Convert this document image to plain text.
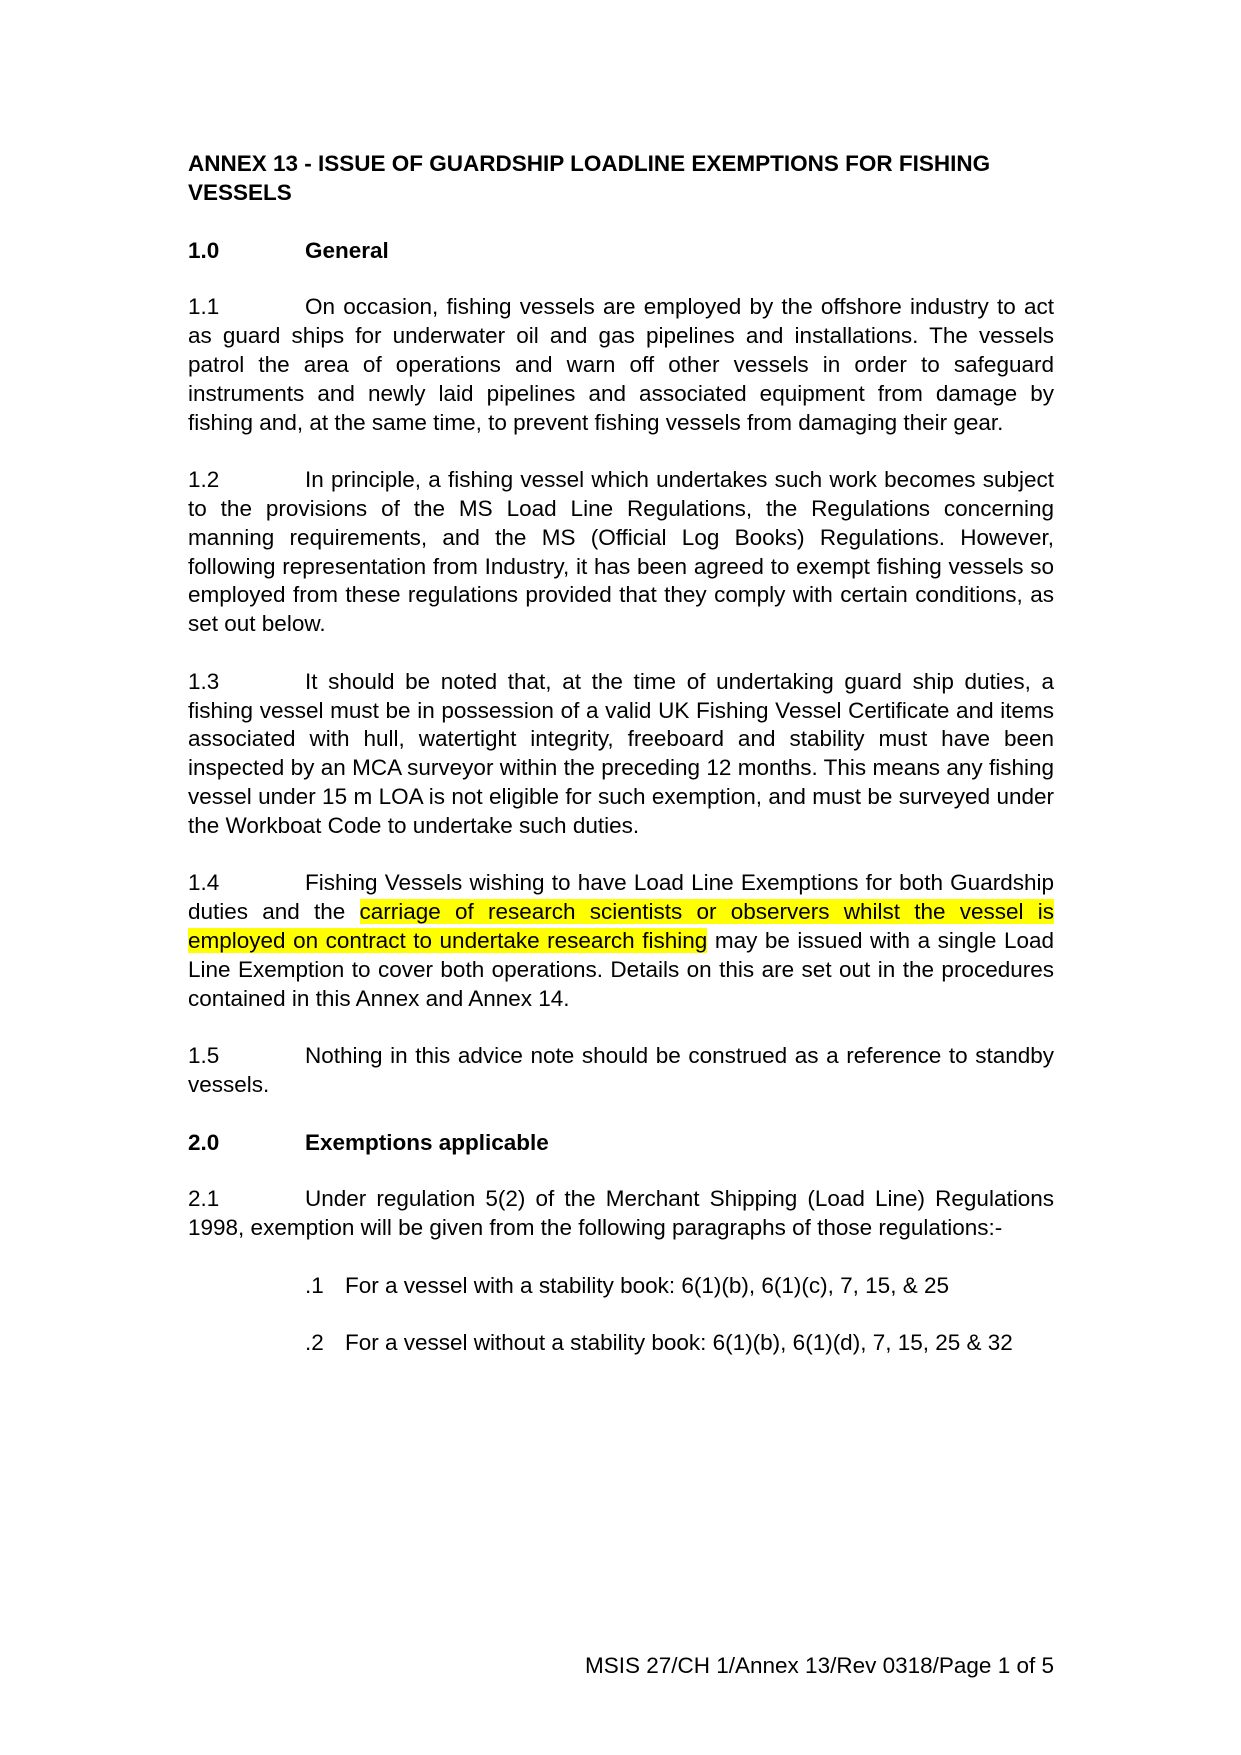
ANNEX 13 - ISSUE OF GUARDSHIP LOADLINE EXEMPTIONS FOR FISHING VESSELS
1.0	General
1.1	On occasion, fishing vessels are employed by the offshore industry to act as guard ships for underwater oil and gas pipelines and installations. The vessels patrol the area of operations and warn off other vessels in order to safeguard instruments and newly laid pipelines and associated equipment from damage by fishing and, at the same time, to prevent fishing vessels from damaging their gear.
1.2	In principle, a fishing vessel which undertakes such work becomes subject to the provisions of the MS Load Line Regulations, the Regulations concerning manning requirements, and the MS (Official Log Books) Regulations. However, following representation from Industry, it has been agreed to exempt fishing vessels so employed from these regulations provided that they comply with certain conditions, as set out below.
1.3	It should be noted that, at the time of undertaking guard ship duties, a fishing vessel must be in possession of a valid UK Fishing Vessel Certificate and items associated with hull, watertight integrity, freeboard and stability must have been inspected by an MCA surveyor within the preceding 12 months. This means any fishing vessel under 15 m LOA is not eligible for such exemption, and must be surveyed under the Workboat Code to undertake such duties.
1.4	Fishing Vessels wishing to have Load Line Exemptions for both Guardship duties and the carriage of research scientists or observers whilst the vessel is employed on contract to undertake research fishing may be issued with a single Load Line Exemption to cover both operations. Details on this are set out in the procedures contained in this Annex and Annex 14.
1.5	Nothing in this advice note should be construed as a reference to standby vessels.
2.0	Exemptions applicable
2.1	Under regulation 5(2) of the Merchant Shipping (Load Line) Regulations 1998, exemption will be given from the following paragraphs of those regulations:-
.1 For a vessel with a stability book: 6(1)(b), 6(1)(c), 7, 15, & 25
.2 For a vessel without a stability book: 6(1)(b), 6(1)(d), 7, 15, 25 & 32
MSIS 27/CH 1/Annex 13/Rev 0318/Page 1 of 5
